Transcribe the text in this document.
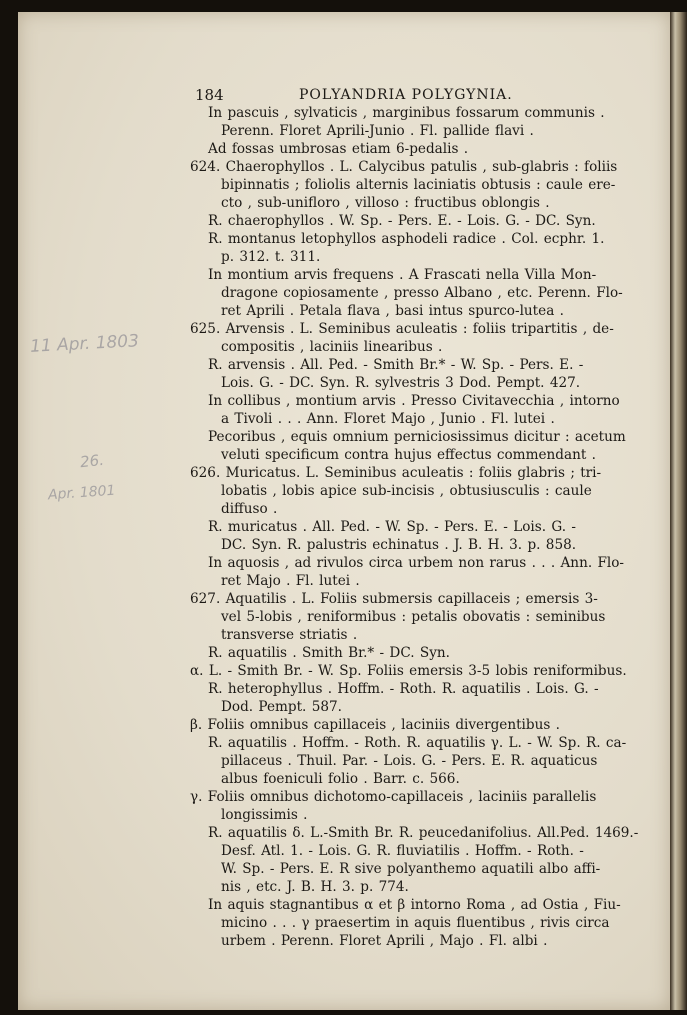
184	POLYANDRIA POLYGYNIA.
11 Apr. 1803
26.
Apr. 1801
In pascuis , sylvaticis , marginibus fossarum communis .
Perenn. Floret Aprili-Junio . Fl. pallide flavi .
Ad fossas umbrosas etiam 6-pedalis .
624. Chaerophyllos . L. Calycibus patulis , sub-glabris : foliis
bipinnatis ; foliolis alternis laciniatis obtusis : caule ere-
cto , sub-unifloro , villoso : fructibus oblongis .
R. chaerophyllos . W. Sp. - Pers. E. - Lois. G. - DC. Syn.
R. montanus letophyllos asphodeli radice . Col. ecphr. 1.
p. 312. t. 311.
In montium arvis frequens . A Frascati nella Villa Mon-
dragone copiosamente , presso Albano , etc. Perenn. Flo-
ret Aprili . Petala flava , basi intus spurco-lutea .
625. Arvensis . L. Seminibus aculeatis : foliis tripartitis , de-
compositis , laciniis linearibus .
R. arvensis . All. Ped. - Smith Br.* - W. Sp. - Pers. E. -
Lois. G. - DC. Syn. R. sylvestris 3 Dod. Pempt. 427.
In collibus , montium arvis . Presso Civitavecchia , intorno
a Tivoli . . . Ann. Floret Majo , Junio . Fl. lutei .
Pecoribus , equis omnium perniciosissimus dicitur : acetum
veluti specificum contra hujus effectus commendant .
626. Muricatus. L. Seminibus aculeatis : foliis glabris ; tri-
lobatis , lobis apice sub-incisis , obtusiusculis : caule
diffuso .
R. muricatus . All. Ped. - W. Sp. - Pers. E. - Lois. G. -
DC. Syn. R. palustris echinatus . J. B. H. 3. p. 858.
In aquosis , ad rivulos circa urbem non rarus . . . Ann. Flo-
ret Majo . Fl. lutei .
627. Aquatilis . L. Foliis submersis capillaceis ; emersis 3-
vel 5-lobis , reniformibus : petalis obovatis : seminibus
transverse striatis .
R. aquatilis . Smith Br.* - DC. Syn.
α. L. - Smith Br. - W. Sp. Foliis emersis 3-5 lobis reniformibus.
R. heterophyllus . Hoffm. - Roth. R. aquatilis . Lois. G. -
Dod. Pempt. 587.
β. Foliis omnibus capillaceis , laciniis divergentibus .
R. aquatilis . Hoffm. - Roth. R. aquatilis γ. L. - W. Sp. R. ca-
pillaceus . Thuil. Par. - Lois. G. - Pers. E. R. aquaticus
albus foeniculi folio . Barr. c. 566.
γ. Foliis omnibus dichotomo-capillaceis , laciniis parallelis
longissimis .
R. aquatilis δ. L.-Smith Br. R. peucedanifolius. All.Ped. 1469.-
Desf. Atl. 1. - Lois. G. R. fluviatilis . Hoffm. - Roth. -
W. Sp. - Pers. E. R sive polyanthemo aquatili albo affi-
nis , etc. J. B. H. 3. p. 774.
In aquis stagnantibus α et β intorno Roma , ad Ostia , Fiu-
micino . . . γ praesertim in aquis fluentibus , rivis circa
urbem . Perenn. Floret Aprili , Majo . Fl. albi .
